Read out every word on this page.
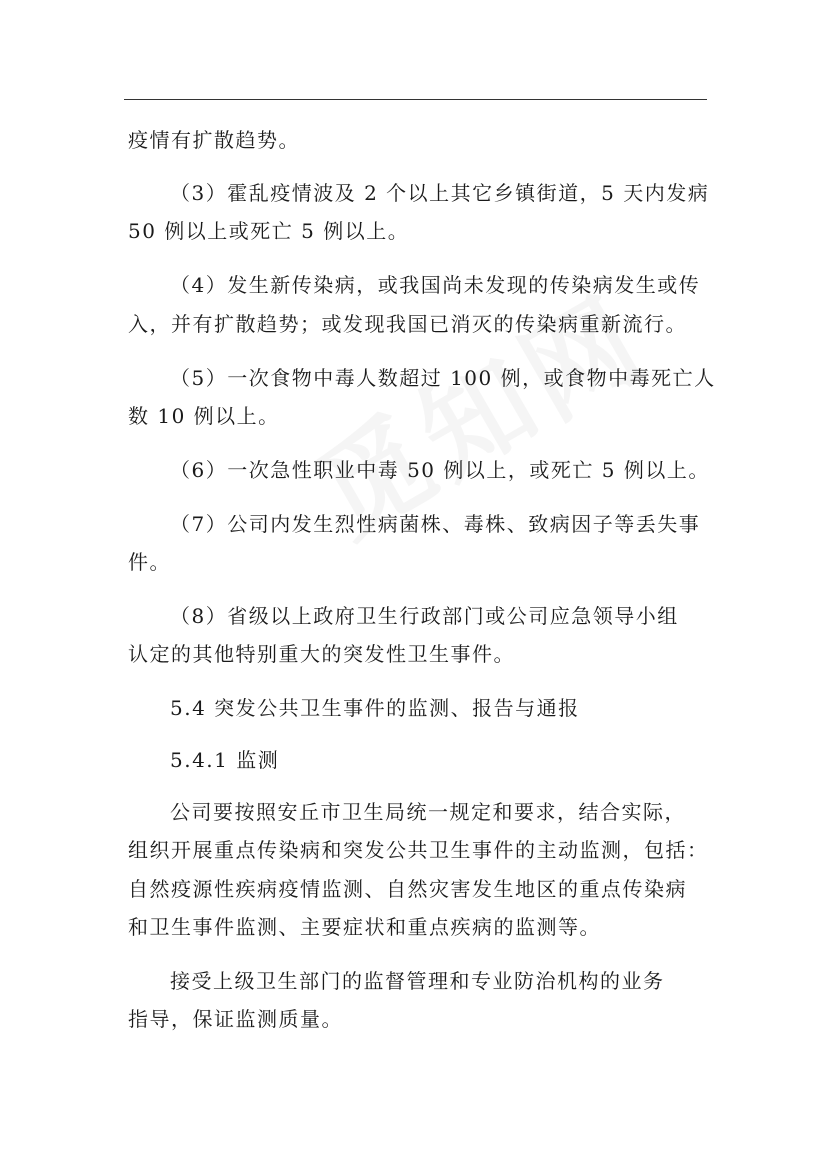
疫情有扩散趋势。

（3）霍乱疫情波及 2 个以上其它乡镇街道，5 天内发病

50 例以上或死亡 5 例以上。

（4）发生新传染病，或我国尚未发现的传染病发生或传

入，并有扩散趋势；或发现我国已消灭的传染病重新流行。

（5）一次食物中毒人数超过 100 例，或食物中毒死亡人

数 10 例以上。

（6）一次急性职业中毒 50 例以上，或死亡 5 例以上。

（7）公司内发生烈性病菌株、毒株、致病因子等丢失事

件。

（8）省级以上政府卫生行政部门或公司应急领导小组

认定的其他特别重大的突发性卫生事件。

5.4 突发公共卫生事件的监测、报告与通报

5.4.1 监测

公司要按照安丘市卫生局统一规定和要求，结合实际，

组织开展重点传染病和突发公共卫生事件的主动监测，包括：

自然疫源性疾病疫情监测、自然灾害发生地区的重点传染病

和卫生事件监测、主要症状和重点疾病的监测等。

接受上级卫生部门的监督管理和专业防治机构的业务

指导，保证监测质量。
